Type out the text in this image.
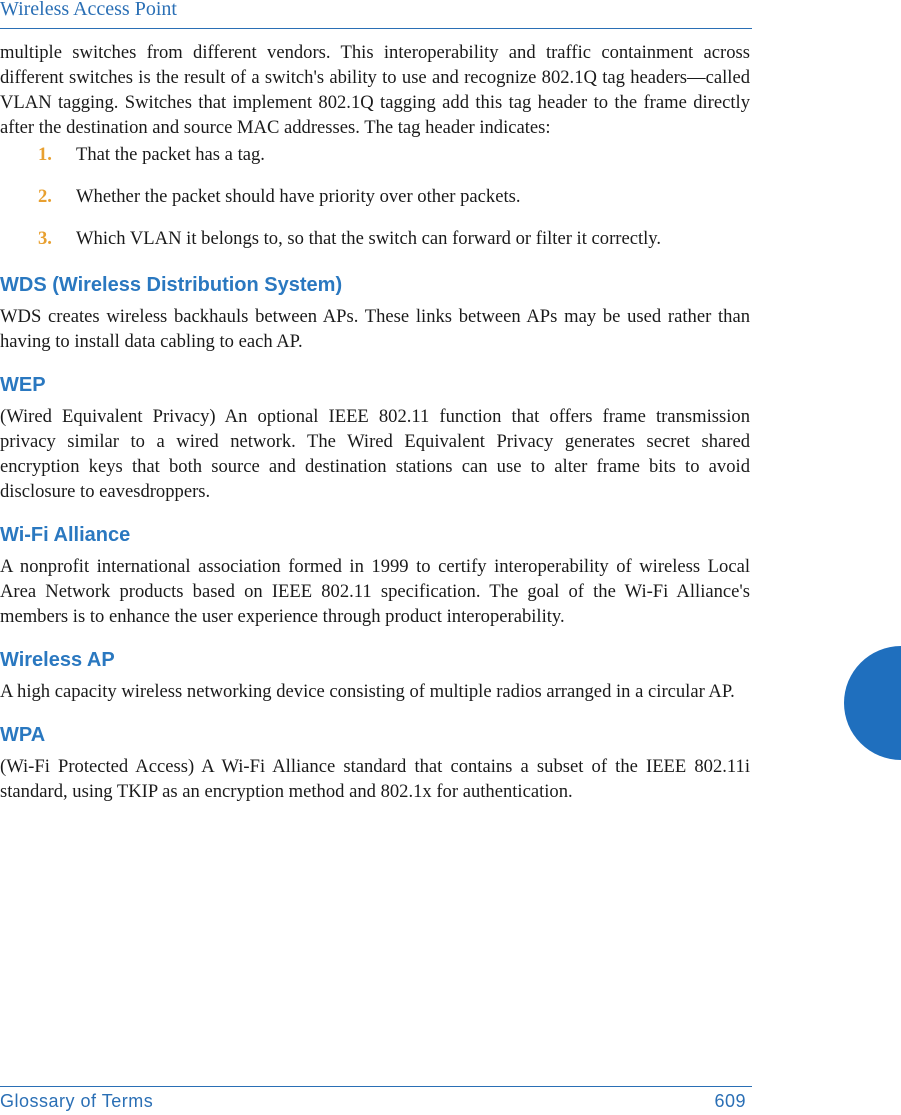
Wireless Access Point

multiple switches from different vendors. This interoperability and traffic containment across different switches is the result of a switch's ability to use and recognize 802.1Q tag headers—called VLAN tagging. Switches that implement 802.1Q tagging add this tag header to the frame directly after the destination and source MAC addresses. The tag header indicates:

1. That the packet has a tag.
2. Whether the packet should have priority over other packets.
3. Which VLAN it belongs to, so that the switch can forward or filter it correctly.
WDS (Wireless Distribution System)

WDS creates wireless backhauls between APs. These links between APs may be used rather than having to install data cabling to each AP.

WEP

(Wired Equivalent Privacy) An optional IEEE 802.11 function that offers frame transmission privacy similar to a wired network. The Wired Equivalent Privacy generates secret shared encryption keys that both source and destination stations can use to alter frame bits to avoid disclosure to eavesdroppers.

Wi-Fi Alliance

A nonprofit international association formed in 1999 to certify interoperability of wireless Local Area Network products based on IEEE 802.11 specification. The goal of the Wi-Fi Alliance's members is to enhance the user experience through product interoperability.

Wireless AP

A high capacity wireless networking device consisting of multiple radios arranged in a circular AP.

WPA

(Wi-Fi Protected Access) A Wi-Fi Alliance standard that contains a subset of the IEEE 802.11i standard, using TKIP as an encryption method and 802.1x for authentication.

Glossary of Terms	609
